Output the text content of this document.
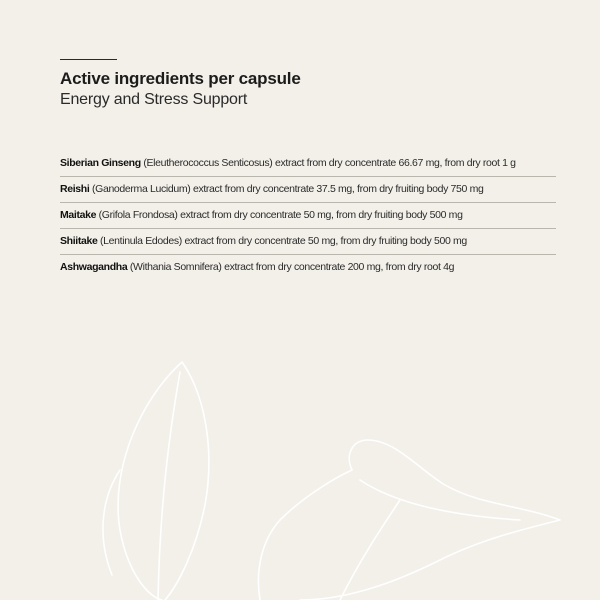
Active ingredients per capsule
Energy and Stress Support
Siberian Ginseng (Eleutherococcus Senticosus) extract from dry concentrate 66.67 mg, from dry root 1 g
Reishi (Ganoderma Lucidum) extract from dry concentrate 37.5 mg, from dry fruiting body 750 mg
Maitake (Grifola Frondosa) extract from dry concentrate 50 mg, from dry fruiting body 500 mg
Shiitake (Lentinula Edodes) extract from dry concentrate 50 mg, from dry fruiting body 500 mg
Ashwagandha (Withania Somnifera) extract from dry concentrate 200 mg, from dry root 4g
